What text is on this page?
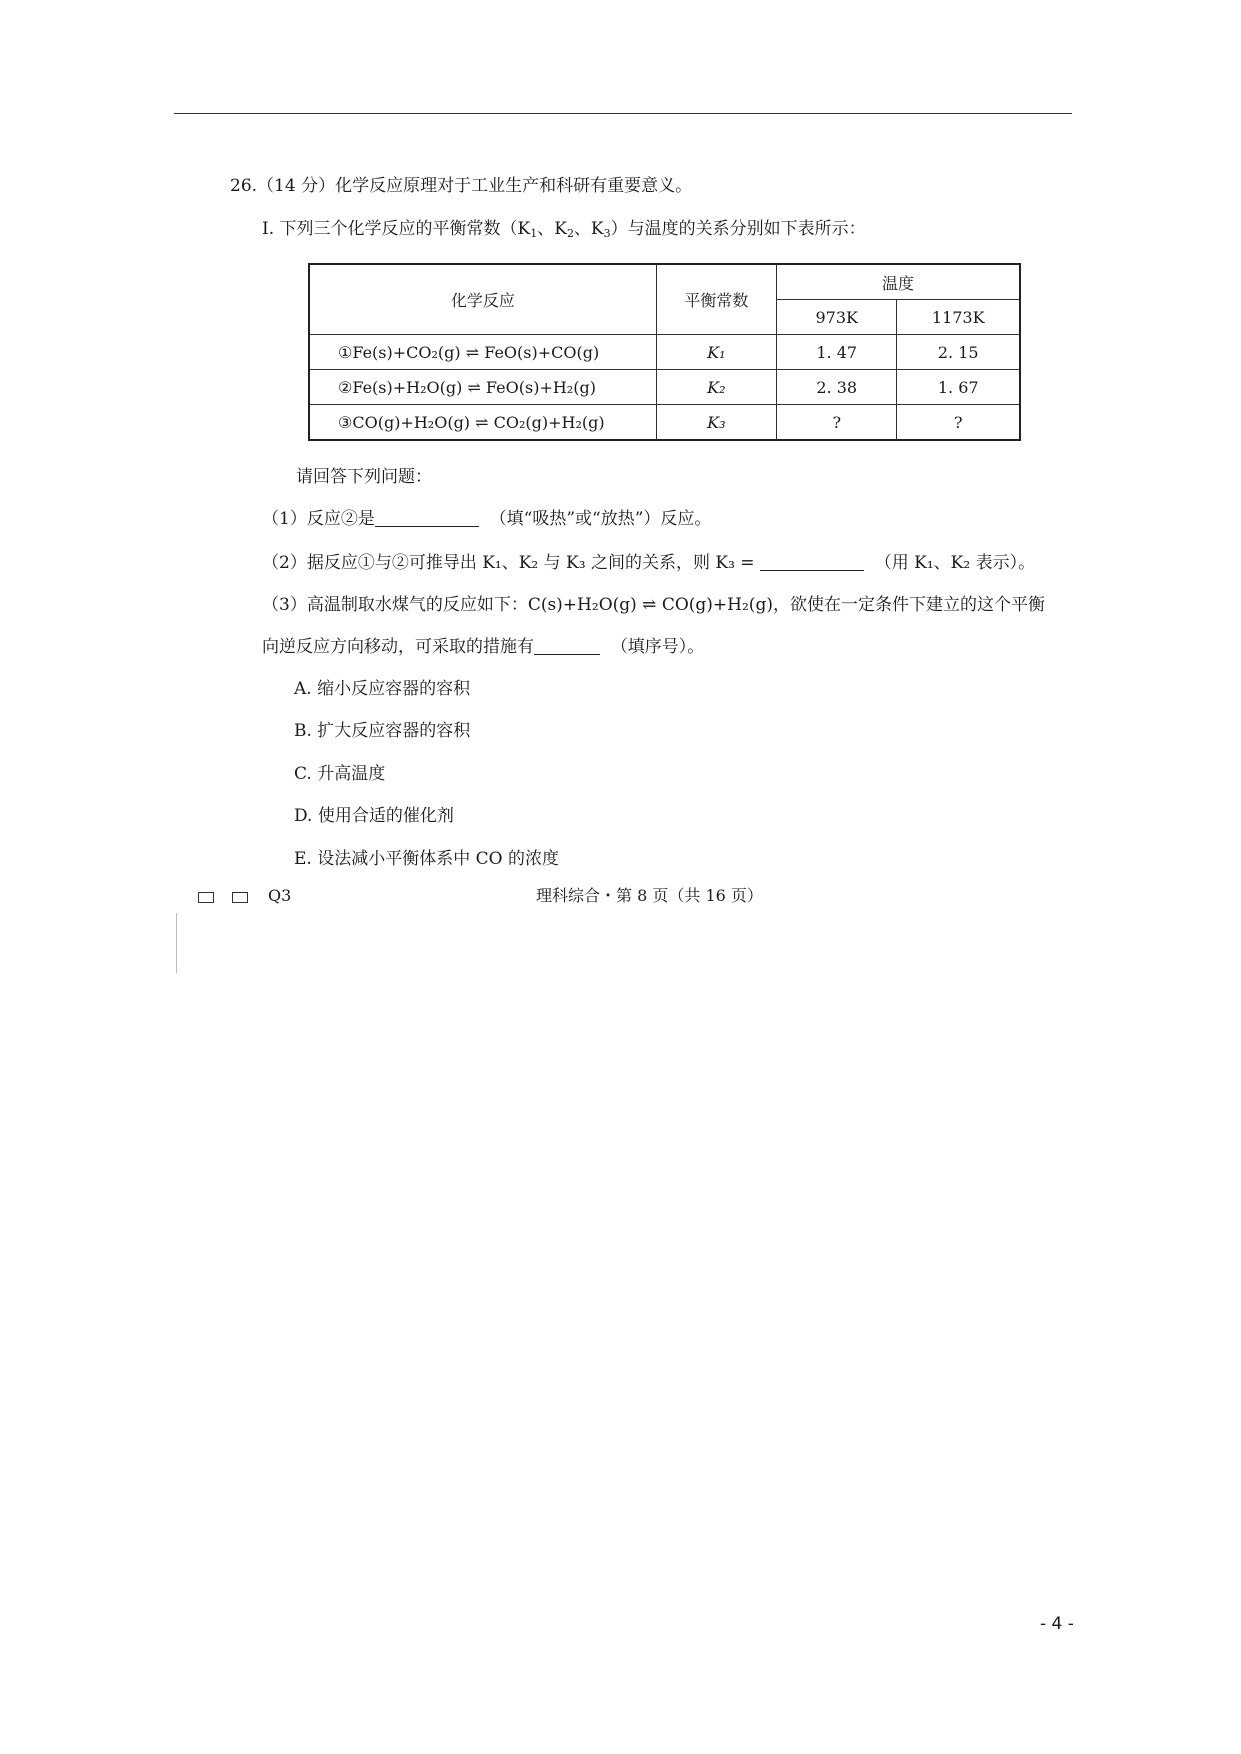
26.（14 分）化学反应原理对于工业生产和科研有重要意义。
Ⅰ. 下列三个化学反应的平衡常数（$K_1$、$K_2$、$K_3$）与温度的关系分别如下表所示：
化学反应	平衡常数	温度	
		973K	1173K
①Fe(s)+CO₂(g) ⇌ FeO(s)+CO(g)	K₁	1. 47	2. 15
②Fe(s)+H₂O(g) ⇌ FeO(s)+H₂(g)	K₂	2. 38	1. 67
③CO(g)+H₂O(g) ⇌ CO₂(g)+H₂(g)	K₃	?	?
请回答下列问题：
（1）反应②是	（填“吸热”或“放热”）反应。
（2）据反应①与②可推导出 K₁、K₂ 与 K₃ 之间的关系，则 K₃ =	（用 K₁、K₂ 表示）。
（3）高温制取水煤气的反应如下：C(s)+H₂O(g) ⇌ CO(g)+H₂(g)，欲使在一定条件下建立的这个平衡
向逆反应方向移动，可采取的措施有	（填序号）。
A. 缩小反应容器的容积
B. 扩大反应容器的容积
C. 升高温度
D. 使用合适的催化剂
E. 设法减小平衡体系中 CO 的浓度
Q3	理科综合・第 8 页（共 16 页）
- 4 -
